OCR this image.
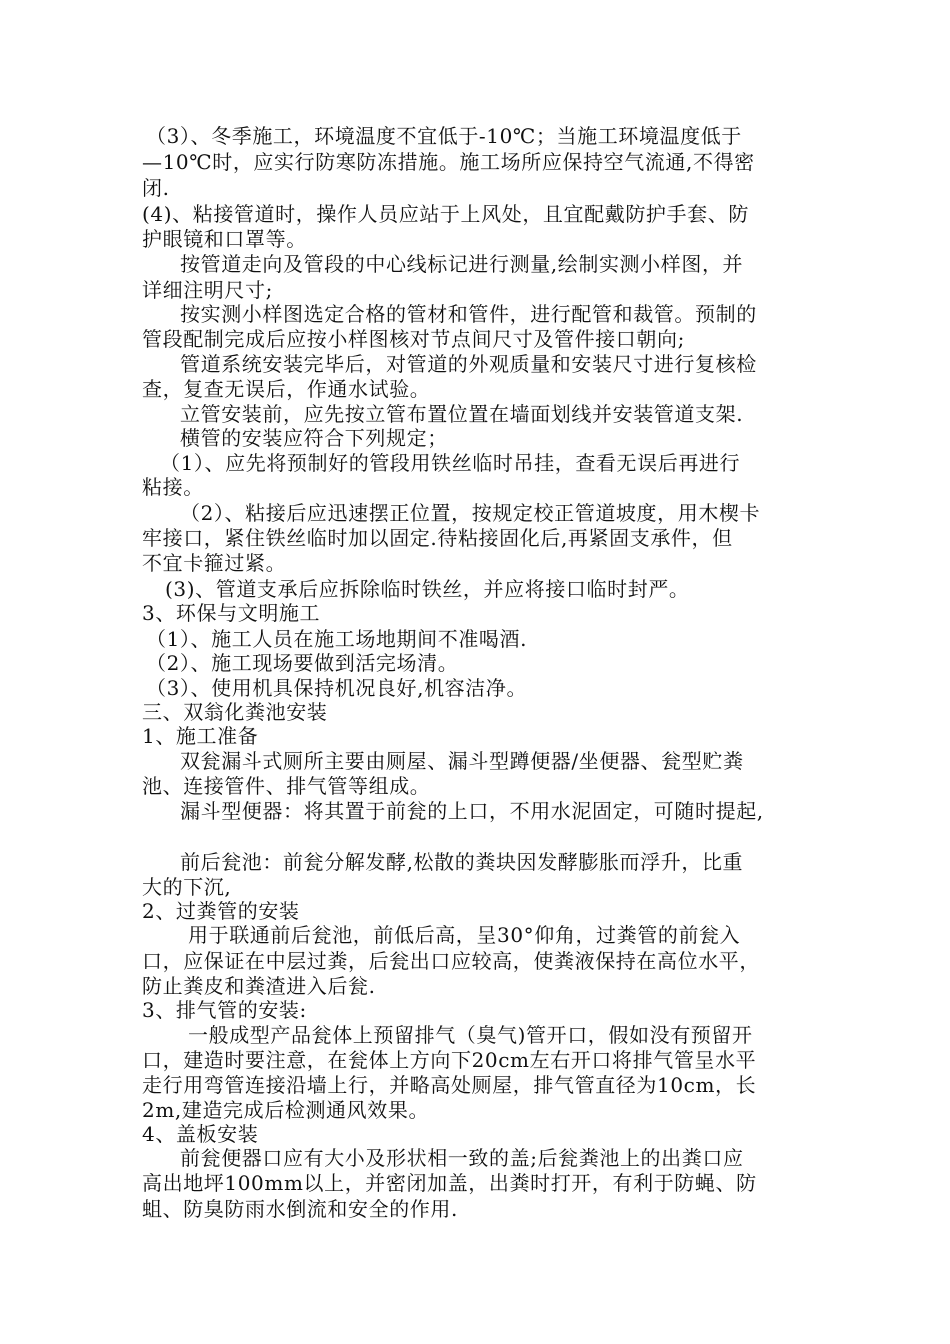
（3）、冬季施工，环境温度不宜低于-10℃；当施工环境温度低于
—10℃时，应实行防寒防冻措施。施工场所应保持空气流通,不得密
闭.
(4)、粘接管道时，操作人员应站于上风处，且宜配戴防护手套、防
护眼镜和口罩等。
按管道走向及管段的中心线标记进行测量,绘制实测小样图，并
详细注明尺寸;
按实测小样图选定合格的管材和管件，进行配管和裁管。预制的
管段配制完成后应按小样图核对节点间尺寸及管件接口朝向;
管道系统安装完毕后，对管道的外观质量和安装尺寸进行复核检
查，复查无误后，作通水试验。
立管安装前，应先按立管布置位置在墙面划线并安装管道支架.
横管的安装应符合下列规定；
（1）、应先将预制好的管段用铁丝临时吊挂，查看无误后再进行
粘接。
（2）、粘接后应迅速摆正位置，按规定校正管道坡度，用木楔卡
牢接口，紧住铁丝临时加以固定.待粘接固化后,再紧固支承件，但
不宜卡箍过紧。
(3)、管道支承后应拆除临时铁丝，并应将接口临时封严。
3、环保与文明施工
（1）、施工人员在施工场地期间不准喝酒.
（2）、施工现场要做到活完场清。
（3）、使用机具保持机况良好,机容洁净。
三、双翁化粪池安装
1、施工准备
双瓮漏斗式厕所主要由厕屋、漏斗型蹲便器/坐便器、瓮型贮粪
池、连接管件、排气管等组成。
漏斗型便器：将其置于前瓮的上口，不用水泥固定，可随时提起,
前后瓮池：前瓮分解发酵,松散的粪块因发酵膨胀而浮升，比重
大的下沉,
2、过粪管的安装
用于联通前后瓮池，前低后高，呈30°仰角，过粪管的前瓮入
口，应保证在中层过粪，后瓮出口应较高，使粪液保持在高位水平，
防止粪皮和粪渣进入后瓮.
3、排气管的安装:
一般成型产品瓮体上预留排气（臭气)管开口，假如没有预留开
口，建造时要注意，在瓮体上方向下20cm左右开口将排气管呈水平
走行用弯管连接沿墙上行，并略高处厕屋，排气管直径为10cm，长
2m,建造完成后检测通风效果。
4、盖板安装
前瓮便器口应有大小及形状相一致的盖;后瓮粪池上的出粪口应
高出地坪100mm以上，并密闭加盖，出粪时打开，有利于防蝇、防
蛆、防臭防雨水倒流和安全的作用.
